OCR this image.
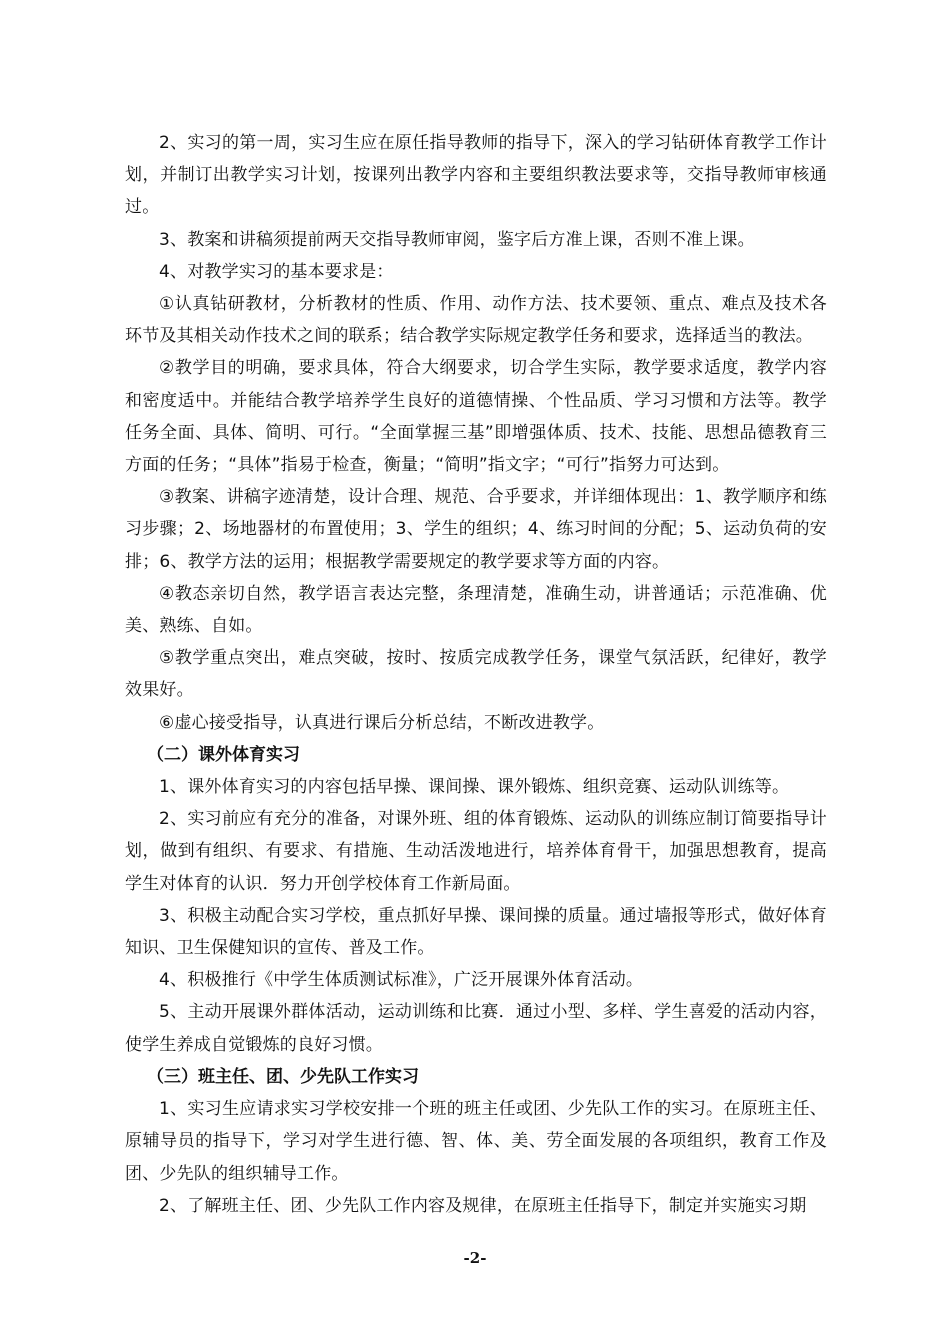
2、实习的第一周，实习生应在原任指导教师的指导下，深入的学习钻研体育教学工作计划，并制订出教学实习计划，按课列出教学内容和主要组织教法要求等，交指导教师审核通过。

3、教案和讲稿须提前两天交指导教师审阅，鉴字后方准上课，否则不准上课。

4、对教学实习的基本要求是：

①认真钻研教材，分析教材的性质、作用、动作方法、技术要领、重点、难点及技术各环节及其相关动作技术之间的联系；结合教学实际规定教学任务和要求，选择适当的教法。

②教学目的明确，要求具体，符合大纲要求，切合学生实际，教学要求适度，教学内容和密度适中。并能结合教学培养学生良好的道德情操、个性品质、学习习惯和方法等。教学任务全面、具体、简明、可行。“全面掌握三基”即增强体质、技术、技能、思想品德教育三方面的任务；“具体”指易于检查，衡量；“简明”指文字；“可行”指努力可达到。

③教案、讲稿字迹清楚，设计合理、规范、合乎要求，并详细体现出：1、教学顺序和练习步骤；2、场地器材的布置使用；3、学生的组织；4、练习时间的分配；5、运动负荷的安排；6、教学方法的运用；根据教学需要规定的教学要求等方面的内容。

④教态亲切自然，教学语言表达完整，条理清楚，准确生动，讲普通话；示范准确、优美、熟练、自如。

⑤教学重点突出，难点突破，按时、按质完成教学任务，课堂气氛活跃，纪律好，教学效果好。

⑥虚心接受指导，认真进行课后分析总结，不断改进教学。

（二）课外体育实习

1、课外体育实习的内容包括早操、课间操、课外锻炼、组织竞赛、运动队训练等。

2、实习前应有充分的准备，对课外班、组的体育锻炼、运动队的训练应制订简要指导计划，做到有组织、有要求、有措施、生动活泼地进行，培养体育骨干，加强思想教育，提高学生对体育的认识．努力开创学校体育工作新局面。

3、积极主动配合实习学校，重点抓好早操、课间操的质量。通过墙报等形式，做好体育知识、卫生保健知识的宣传、普及工作。

4、积极推行《中学生体质测试标准》，广泛开展课外体育活动。

5、主动开展课外群体活动，运动训练和比赛．通过小型、多样、学生喜爱的活动内容，使学生养成自觉锻炼的良好习惯。

（三）班主任、团、少先队工作实习

1、实习生应请求实习学校安排一个班的班主任或团、少先队工作的实习。在原班主任、原辅导员的指导下，学习对学生进行德、智、体、美、劳全面发展的各项组织，教育工作及团、少先队的组织辅导工作。

2、了解班主任、团、少先队工作内容及规律，在原班主任指导下，制定并实施实习期

-2-
